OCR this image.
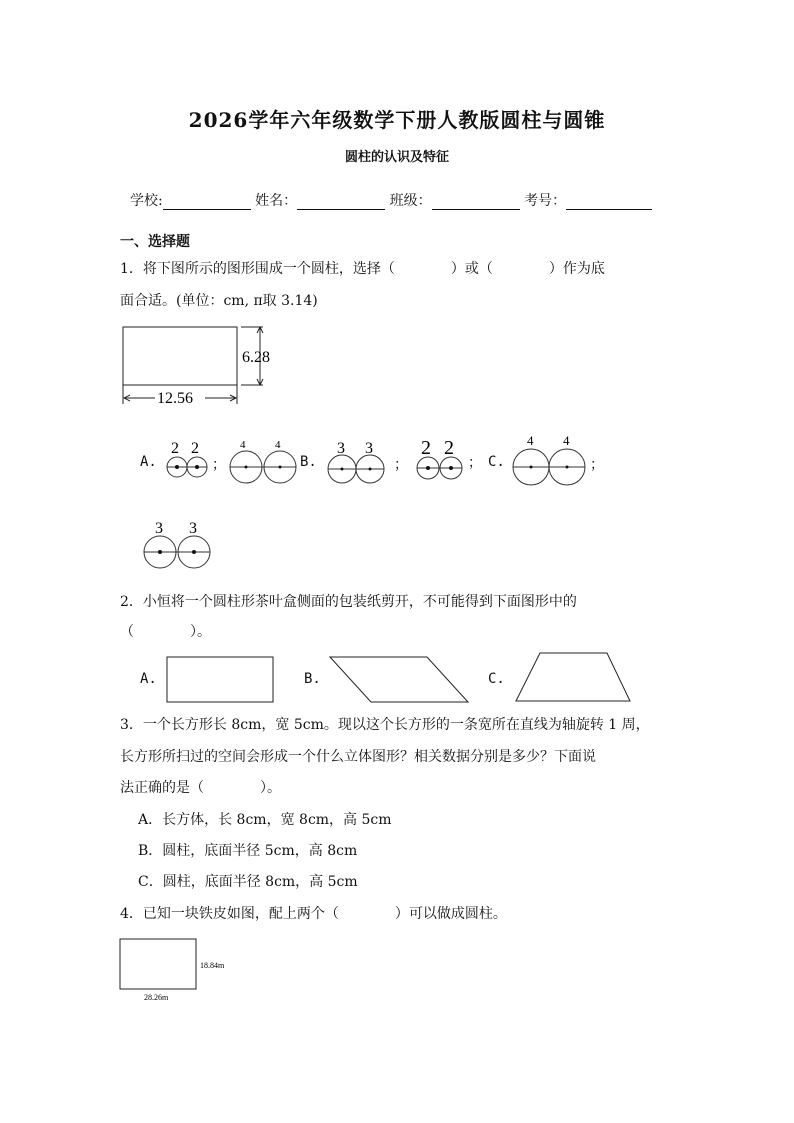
2026学年六年级数学下册人教版圆柱与圆锥
圆柱的认识及特征
学校:	姓名：	班级：	考号：
一、选择题
1．将下图所示的图形围成一个圆柱，选择（　　　　）或（　　　　）作为底
面合适。(单位：cm, π取 3.14)
6.28
12.56
A.
2 2
；
4	4
B.
3 3
；
2 2
； C.
4 4
；
3 3
2．小恒将一个圆柱形茶叶盒侧面的包装纸剪开，不可能得到下面图形中的
（　　　　）。
A.	B.	C.
3．一个长方形长 8cm，宽 5cm。现以这个长方形的一条宽所在直线为轴旋转 1 周，
长方形所扫过的空间会形成一个什么立体图形？相关数据分别是多少？下面说
法正确的是（　　　　）。
A．长方体，长 8cm，宽 8cm，高 5cm
B．圆柱，底面半径 5cm，高 8cm
C．圆柱，底面半径 8cm，高 5cm
4．已知一块铁皮如图，配上两个（　　　　）可以做成圆柱。
18.84m
28.26m
